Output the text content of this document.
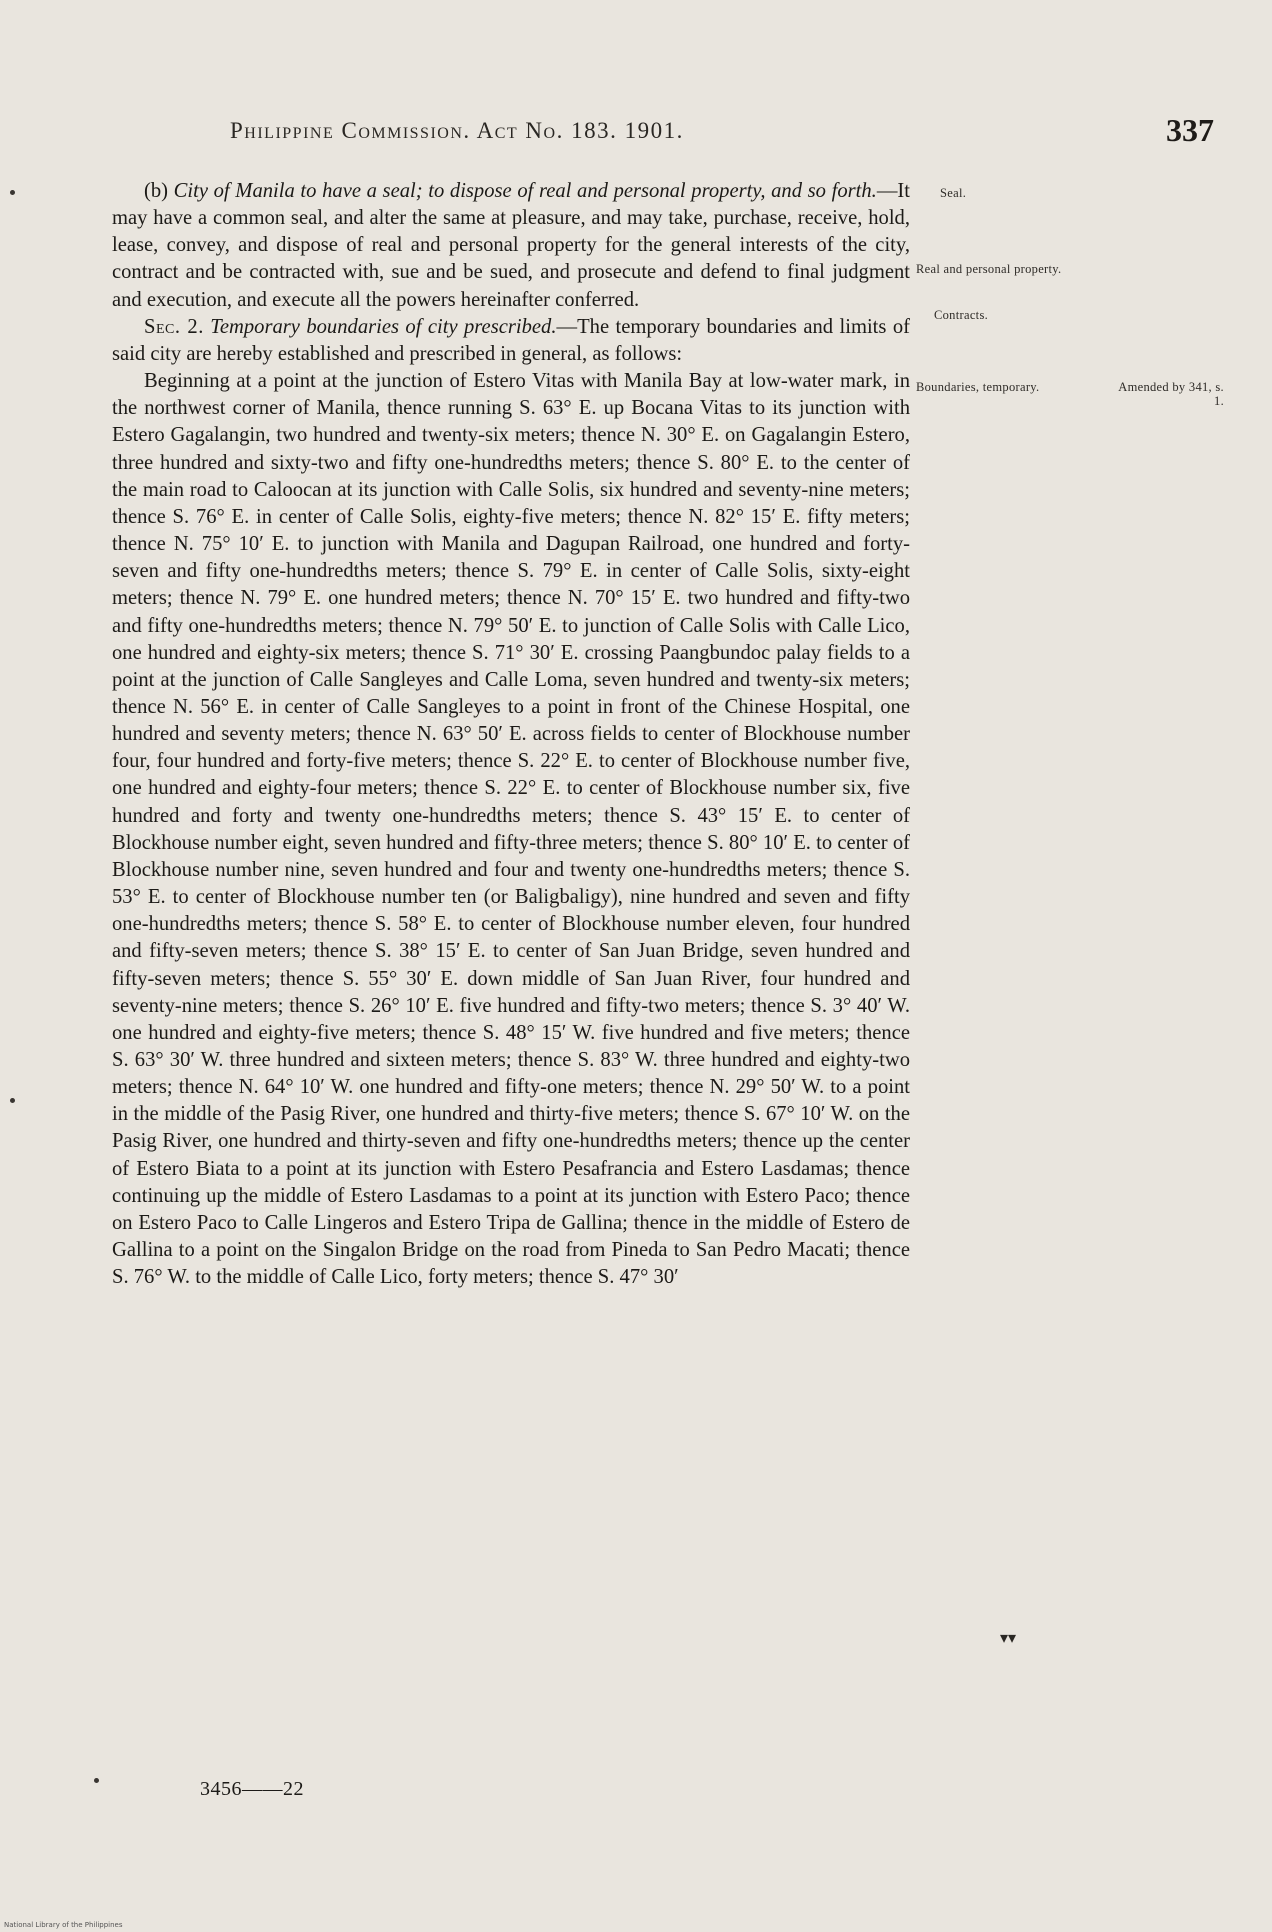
Philippine Commission. Act No. 183. 1901.	337

(b) City of Manila to have a seal; to dispose of real and personal property, and so forth.—It may have a common seal, and alter the same at pleasure, and may take, purchase, receive, hold, lease, convey, and dispose of real and personal property for the general interests of the city, contract and be contracted with, sue and be sued, and prosecute and defend to final judgment and execution, and execute all the powers hereinafter conferred.

Sec. 2. Temporary boundaries of city prescribed.—The temporary boundaries and limits of said city are hereby established and prescribed in general, as follows:

Beginning at a point at the junction of Estero Vitas with Manila Bay at low-water mark, in the northwest corner of Manila, thence running S. 63° E. up Bocana Vitas to its junction with Estero Gagalangin, two hundred and twenty-six meters; thence N. 30° E. on Gagalangin Estero, three hundred and sixty-two and fifty one-hundredths meters; thence S. 80° E. to the center of the main road to Caloocan at its junction with Calle Solis, six hundred and seventy-nine meters; thence S. 76° E. in center of Calle Solis, eighty-five meters; thence N. 82° 15′ E. fifty meters; thence N. 75° 10′ E. to junction with Manila and Dagupan Railroad, one hundred and forty-seven and fifty one-hundredths meters; thence S. 79° E. in center of Calle Solis, sixty-eight meters; thence N. 79° E. one hundred meters; thence N. 70° 15′ E. two hundred and fifty-two and fifty one-hundredths meters; thence N. 79° 50′ E. to junction of Calle Solis with Calle Lico, one hundred and eighty-six meters; thence S. 71° 30′ E. crossing Paangbundoc palay fields to a point at the junction of Calle Sangleyes and Calle Loma, seven hundred and twenty-six meters; thence N. 56° E. in center of Calle Sangleyes to a point in front of the Chinese Hospital, one hundred and seventy meters; thence N. 63° 50′ E. across fields to center of Blockhouse number four, four hundred and forty-five meters; thence S. 22° E. to center of Blockhouse number five, one hundred and eighty-four meters; thence S. 22° E. to center of Blockhouse number six, five hundred and forty and twenty one-hundredths meters; thence S. 43° 15′ E. to center of Blockhouse number eight, seven hundred and fifty-three meters; thence S. 80° 10′ E. to center of Blockhouse number nine, seven hundred and four and twenty one-hundredths meters; thence S. 53° E. to center of Blockhouse number ten (or Baligbaligy), nine hundred and seven and fifty one-hundredths meters; thence S. 58° E. to center of Blockhouse number eleven, four hundred and fifty-seven meters; thence S. 38° 15′ E. to center of San Juan Bridge, seven hundred and fifty-seven meters; thence S. 55° 30′ E. down middle of San Juan River, four hundred and seventy-nine meters; thence S. 26° 10′ E. five hundred and fifty-two meters; thence S. 3° 40′ W. one hundred and eighty-five meters; thence S. 48° 15′ W. five hundred and five meters; thence S. 63° 30′ W. three hundred and sixteen meters; thence S. 83° W. three hundred and eighty-two meters; thence N. 64° 10′ W. one hundred and fifty-one meters; thence N. 29° 50′ W. to a point in the middle of the Pasig River, one hundred and thirty-five meters; thence S. 67° 10′ W. on the Pasig River, one hundred and thirty-seven and fifty one-hundredths meters; thence up the center of Estero Biata to a point at its junction with Estero Pesafrancia and Estero Lasdamas; thence continuing up the middle of Estero Lasdamas to a point at its junction with Estero Paco; thence on Estero Paco to Calle Lingeros and Estero Tripa de Gallina; thence in the middle of Estero de Gallina to a point on the Singalon Bridge on the road from Pineda to San Pedro Macati; thence S. 76° W. to the middle of Calle Lico, forty meters; thence S. 47° 30′

Seal.
Real and personal property.
Contracts.
Boundaries, temporary.	Amended by 341, s. 1.
3456——22
National Library of the Philippines
▾▾
